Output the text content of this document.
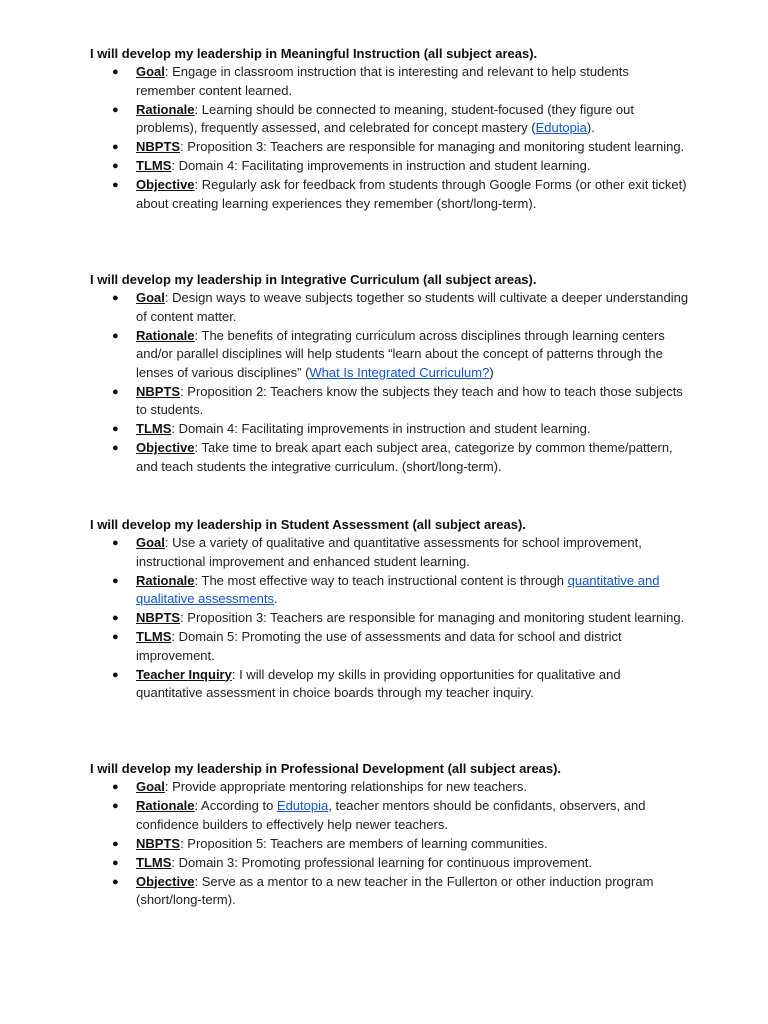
I will develop my leadership in Meaningful Instruction (all subject areas).

● Goal: Engage in classroom instruction that is interesting and relevant to help students remember content learned.
● Rationale: Learning should be connected to meaning, student-focused (they figure out problems), frequently assessed, and celebrated for concept mastery (Edutopia).
● NBPTS: Proposition 3: Teachers are responsible for managing and monitoring student learning.
● TLMS: Domain 4: Facilitating improvements in instruction and student learning.
● Objective: Regularly ask for feedback from students through Google Forms (or other exit ticket) about creating learning experiences they remember (short/long-term).

I will develop my leadership in Integrative Curriculum (all subject areas).

● Goal: Design ways to weave subjects together so students will cultivate a deeper understanding of content matter.
● Rationale: The benefits of integrating curriculum across disciplines through learning centers and/or parallel disciplines will help students “learn about the concept of patterns through the lenses of various disciplines” (What Is Integrated Curriculum?)
● NBPTS: Proposition 2: Teachers know the subjects they teach and how to teach those subjects to students.
● TLMS: Domain 4: Facilitating improvements in instruction and student learning.
● Objective: Take time to break apart each subject area, categorize by common theme/pattern, and teach students the integrative curriculum. (short/long-term).

I will develop my leadership in Student Assessment (all subject areas).

● Goal: Use a variety of qualitative and quantitative assessments for school improvement, instructional improvement and enhanced student learning.
● Rationale: The most effective way to teach instructional content is through quantitative and qualitative assessments.
● NBPTS: Proposition 3: Teachers are responsible for managing and monitoring student learning.
● TLMS: Domain 5: Promoting the use of assessments and data for school and district improvement.
● Teacher Inquiry: I will develop my skills in providing opportunities for qualitative and quantitative assessment in choice boards through my teacher inquiry.

I will develop my leadership in Professional Development (all subject areas).

● Goal: Provide appropriate mentoring relationships for new teachers.
● Rationale: According to Edutopia, teacher mentors should be confidants, observers, and confidence builders to effectively help newer teachers.
● NBPTS: Proposition 5: Teachers are members of learning communities.
● TLMS: Domain 3: Promoting professional learning for continuous improvement.
● Objective: Serve as a mentor to a new teacher in the Fullerton or other induction program (short/long-term).
